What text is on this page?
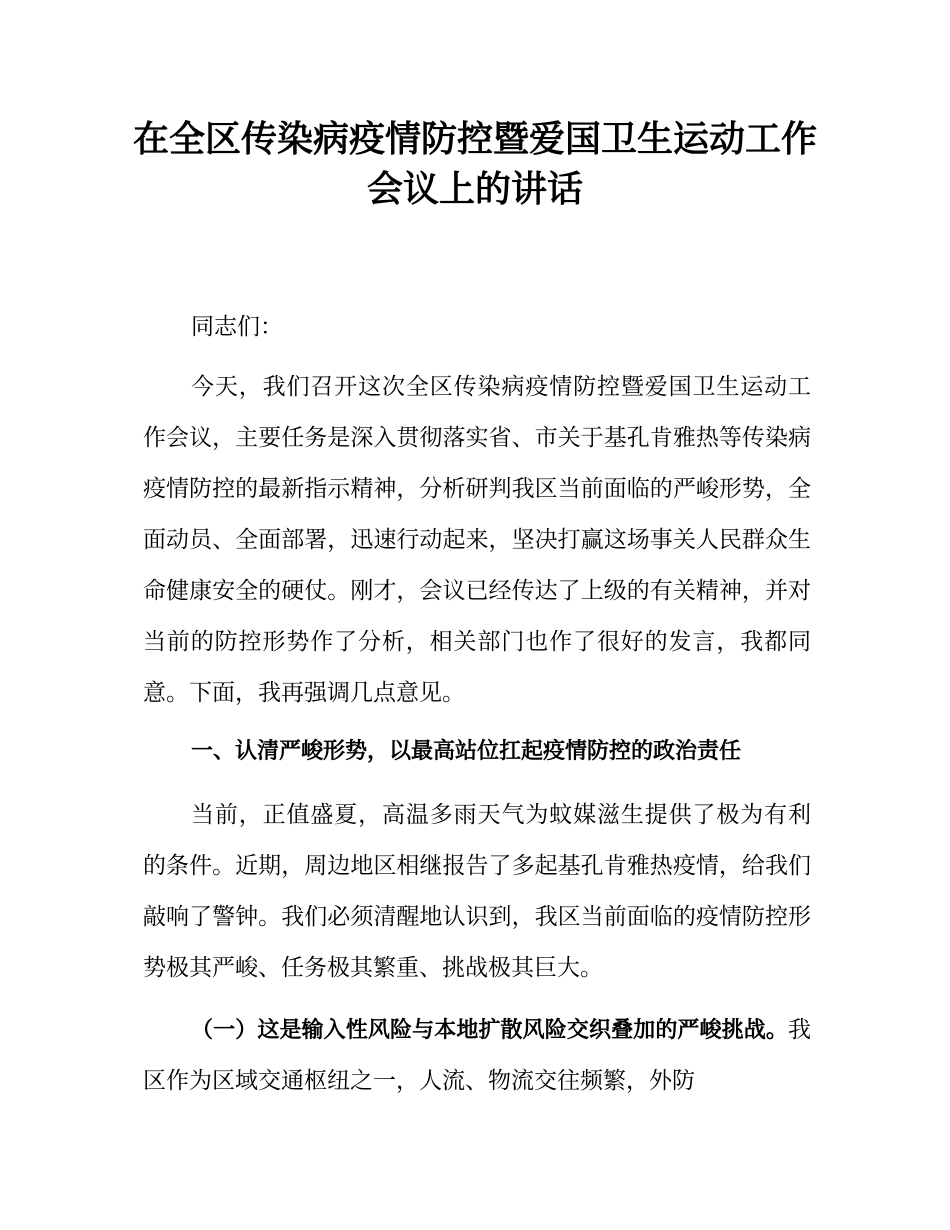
在全区传染病疫情防控暨爱国卫生运动工作
会议上的讲话

同志们：

今天，我们召开这次全区传染病疫情防控暨爱国卫生运动工作会议，主要任务是深入贯彻落实省、市关于基孔肯雅热等传染病疫情防控的最新指示精神，分析研判我区当前面临的严峻形势，全面动员、全面部署，迅速行动起来，坚决打赢这场事关人民群众生命健康安全的硬仗。刚才，会议已经传达了上级的有关精神，并对当前的防控形势作了分析，相关部门也作了很好的发言，我都同意。下面，我再强调几点意见。

一、认清严峻形势，以最高站位扛起疫情防控的政治责任

当前，正值盛夏，高温多雨天气为蚊媒滋生提供了极为有利的条件。近期，周边地区相继报告了多起基孔肯雅热疫情，给我们敲响了警钟。我们必须清醒地认识到，我区当前面临的疫情防控形势极其严峻、任务极其繁重、挑战极其巨大。

（一）这是输入性风险与本地扩散风险交织叠加的严峻挑战。我区作为区域交通枢纽之一，人流、物流交往频繁，外防
